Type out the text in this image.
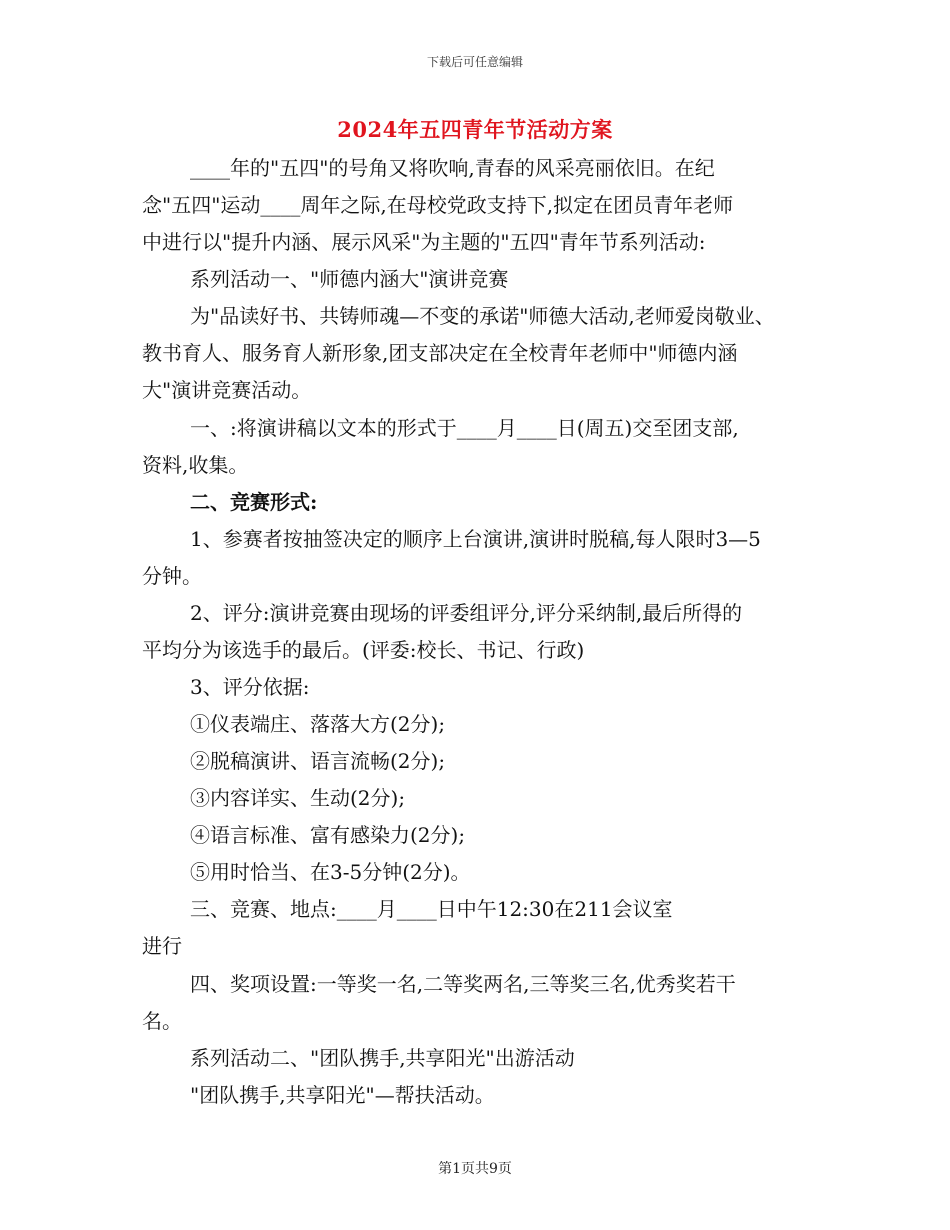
下载后可任意编辑
2024年五四青年节活动方案
____年的"五四"的号角又将吹响,青春的风采亮丽依旧。在纪
念"五四"运动____周年之际,在母校党政支持下,拟定在团员青年老师
中进行以"提升内涵、展示风采"为主题的"五四"青年节系列活动:
系列活动一、"师德内涵大"演讲竞赛
为"品读好书、共铸师魂—不变的承诺"师德大活动,老师爱岗敬业、
教书育人、服务育人新形象,团支部决定在全校青年老师中"师德内涵
大"演讲竞赛活动。
一、:将演讲稿以文本的形式于____月____日(周五)交至团支部,
资料,收集。
二、竞赛形式:
1、参赛者按抽签决定的顺序上台演讲,演讲时脱稿,每人限时3—5
分钟。
2、评分:演讲竞赛由现场的评委组评分,评分采纳制,最后所得的
平均分为该选手的最后。(评委:校长、书记、行政)
3、评分依据:
①仪表端庄、落落大方(2分);
②脱稿演讲、语言流畅(2分);
③内容详实、生动(2分);
④语言标准、富有感染力(2分);
⑤用时恰当、在3-5分钟(2分)。
三、竞赛、地点:____月____日中午12:30在211会议室
进行
四、奖项设置:一等奖一名,二等奖两名,三等奖三名,优秀奖若干
名。
系列活动二、"团队携手,共享阳光"出游活动
"团队携手,共享阳光"—帮扶活动。
第1页共9页
